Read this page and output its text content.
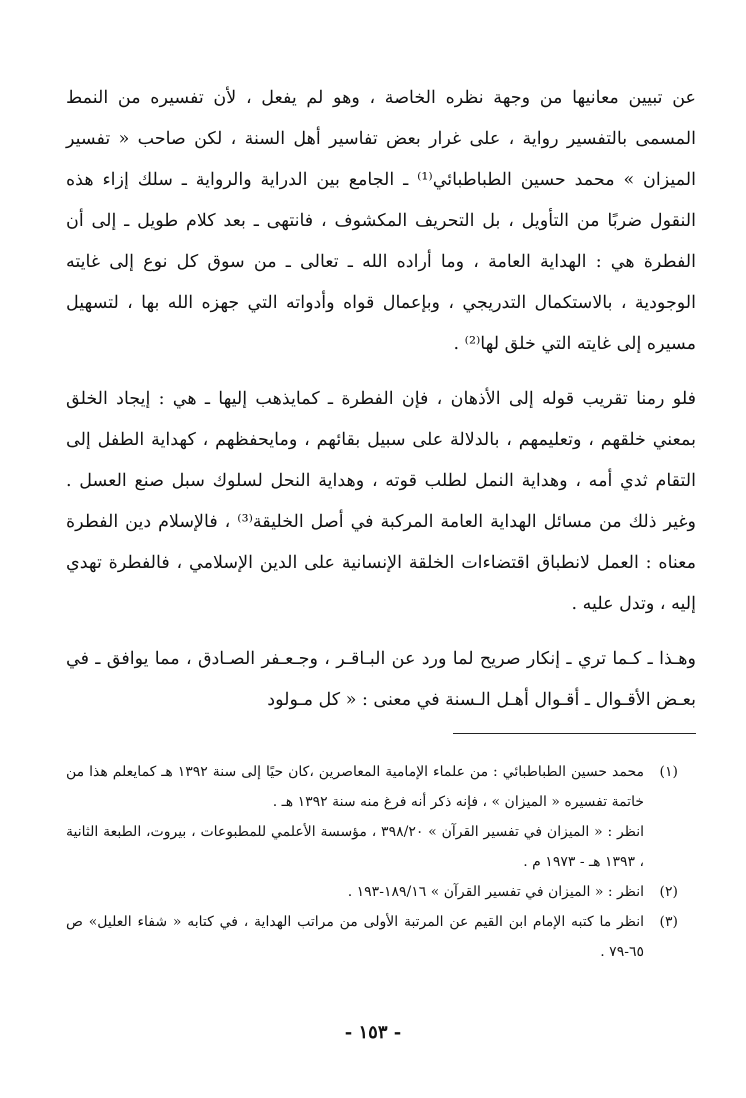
عن تبيين معانيها من وجهة نظره الخاصة ، وهو لم يفعل ، لأن تفسيره من النمط المسمى بالتفسير رواية ، على غرار بعض تفاسير أهل السنة ، لكن صاحب « تفسير الميزان » محمد حسين الطباطبائي⁽¹⁾ ـ الجامع بين الدراية والرواية ـ سلك إزاء هذه النقول ضربًا من التأويل ، بل التحريف المكشوف ، فانتهى ـ بعد كلام طويل ـ إلى أن الفطرة هي : الهداية العامة ، وما أراده الله ـ تعالى ـ من سوق كل نوع إلى غايته الوجودية ، بالاستكمال التدريجي ، وبإعمال قواه وأدواته التي جهزه الله بها ، لتسهيل مسيره إلى غايته التي خلق لها⁽²⁾ .

فلو رمنا تقريب قوله إلى الأذهان ، فإن الفطرة ـ كمايذهب إليها ـ هي : إيجاد الخلق بمعني خلقهم ، وتعليمهم ، بالدلالة على سبيل بقائهم ، ومايحفظهم ، كهداية الطفل إلى التقام ثدي أمه ، وهداية النمل لطلب قوته ، وهداية النحل لسلوك سبل صنع العسل . وغير ذلك من مسائل الهداية العامة المركبة في أصل الخليقة⁽³⁾ ، فالإسلام دين الفطرة معناه : العمل لانطباق اقتضاءات الخلقة الإنسانية على الدين الإسلامي ، فالفطرة تهدي إليه ، وتدل عليه .

وهـذا ـ كـما تري ـ إنكار صريح لما ورد عن البـاقـر ، وجـعـفر الصـادق ، مما يوافق ـ في بعـض الأقـوال ـ أقـوال أهـل الـسنة في معنى : « كل مـولود

(١)
محمد حسين الطباطبائي : من علماء الإمامية المعاصرين ،كان حيًا إلى سنة ١٣٩٢ هـ كمايعلم هذا من خاتمة تفسيره « الميزان » ، فإنه ذكر أنه فرغ منه سنة ١٣٩٢ هـ .

انظر : « الميزان في تفسير القرآن » ٣٩٨/٢٠ ، مؤسسة الأعلمي للمطبوعات ، بيروت، الطبعة الثانية ، ١٣٩٣ هـ - ١٩٧٣ م .

(٢)
انظر : « الميزان في تفسير القرآن » ١٨٩/١٦-١٩٣ .

(٣)
انظر ما كتبه الإمام ابن القيم عن المرتبة الأولى من مراتب الهداية ، في كتابه « شفاء العليل» ص ٦٥-٧٩ .

- ١٥٣ -
